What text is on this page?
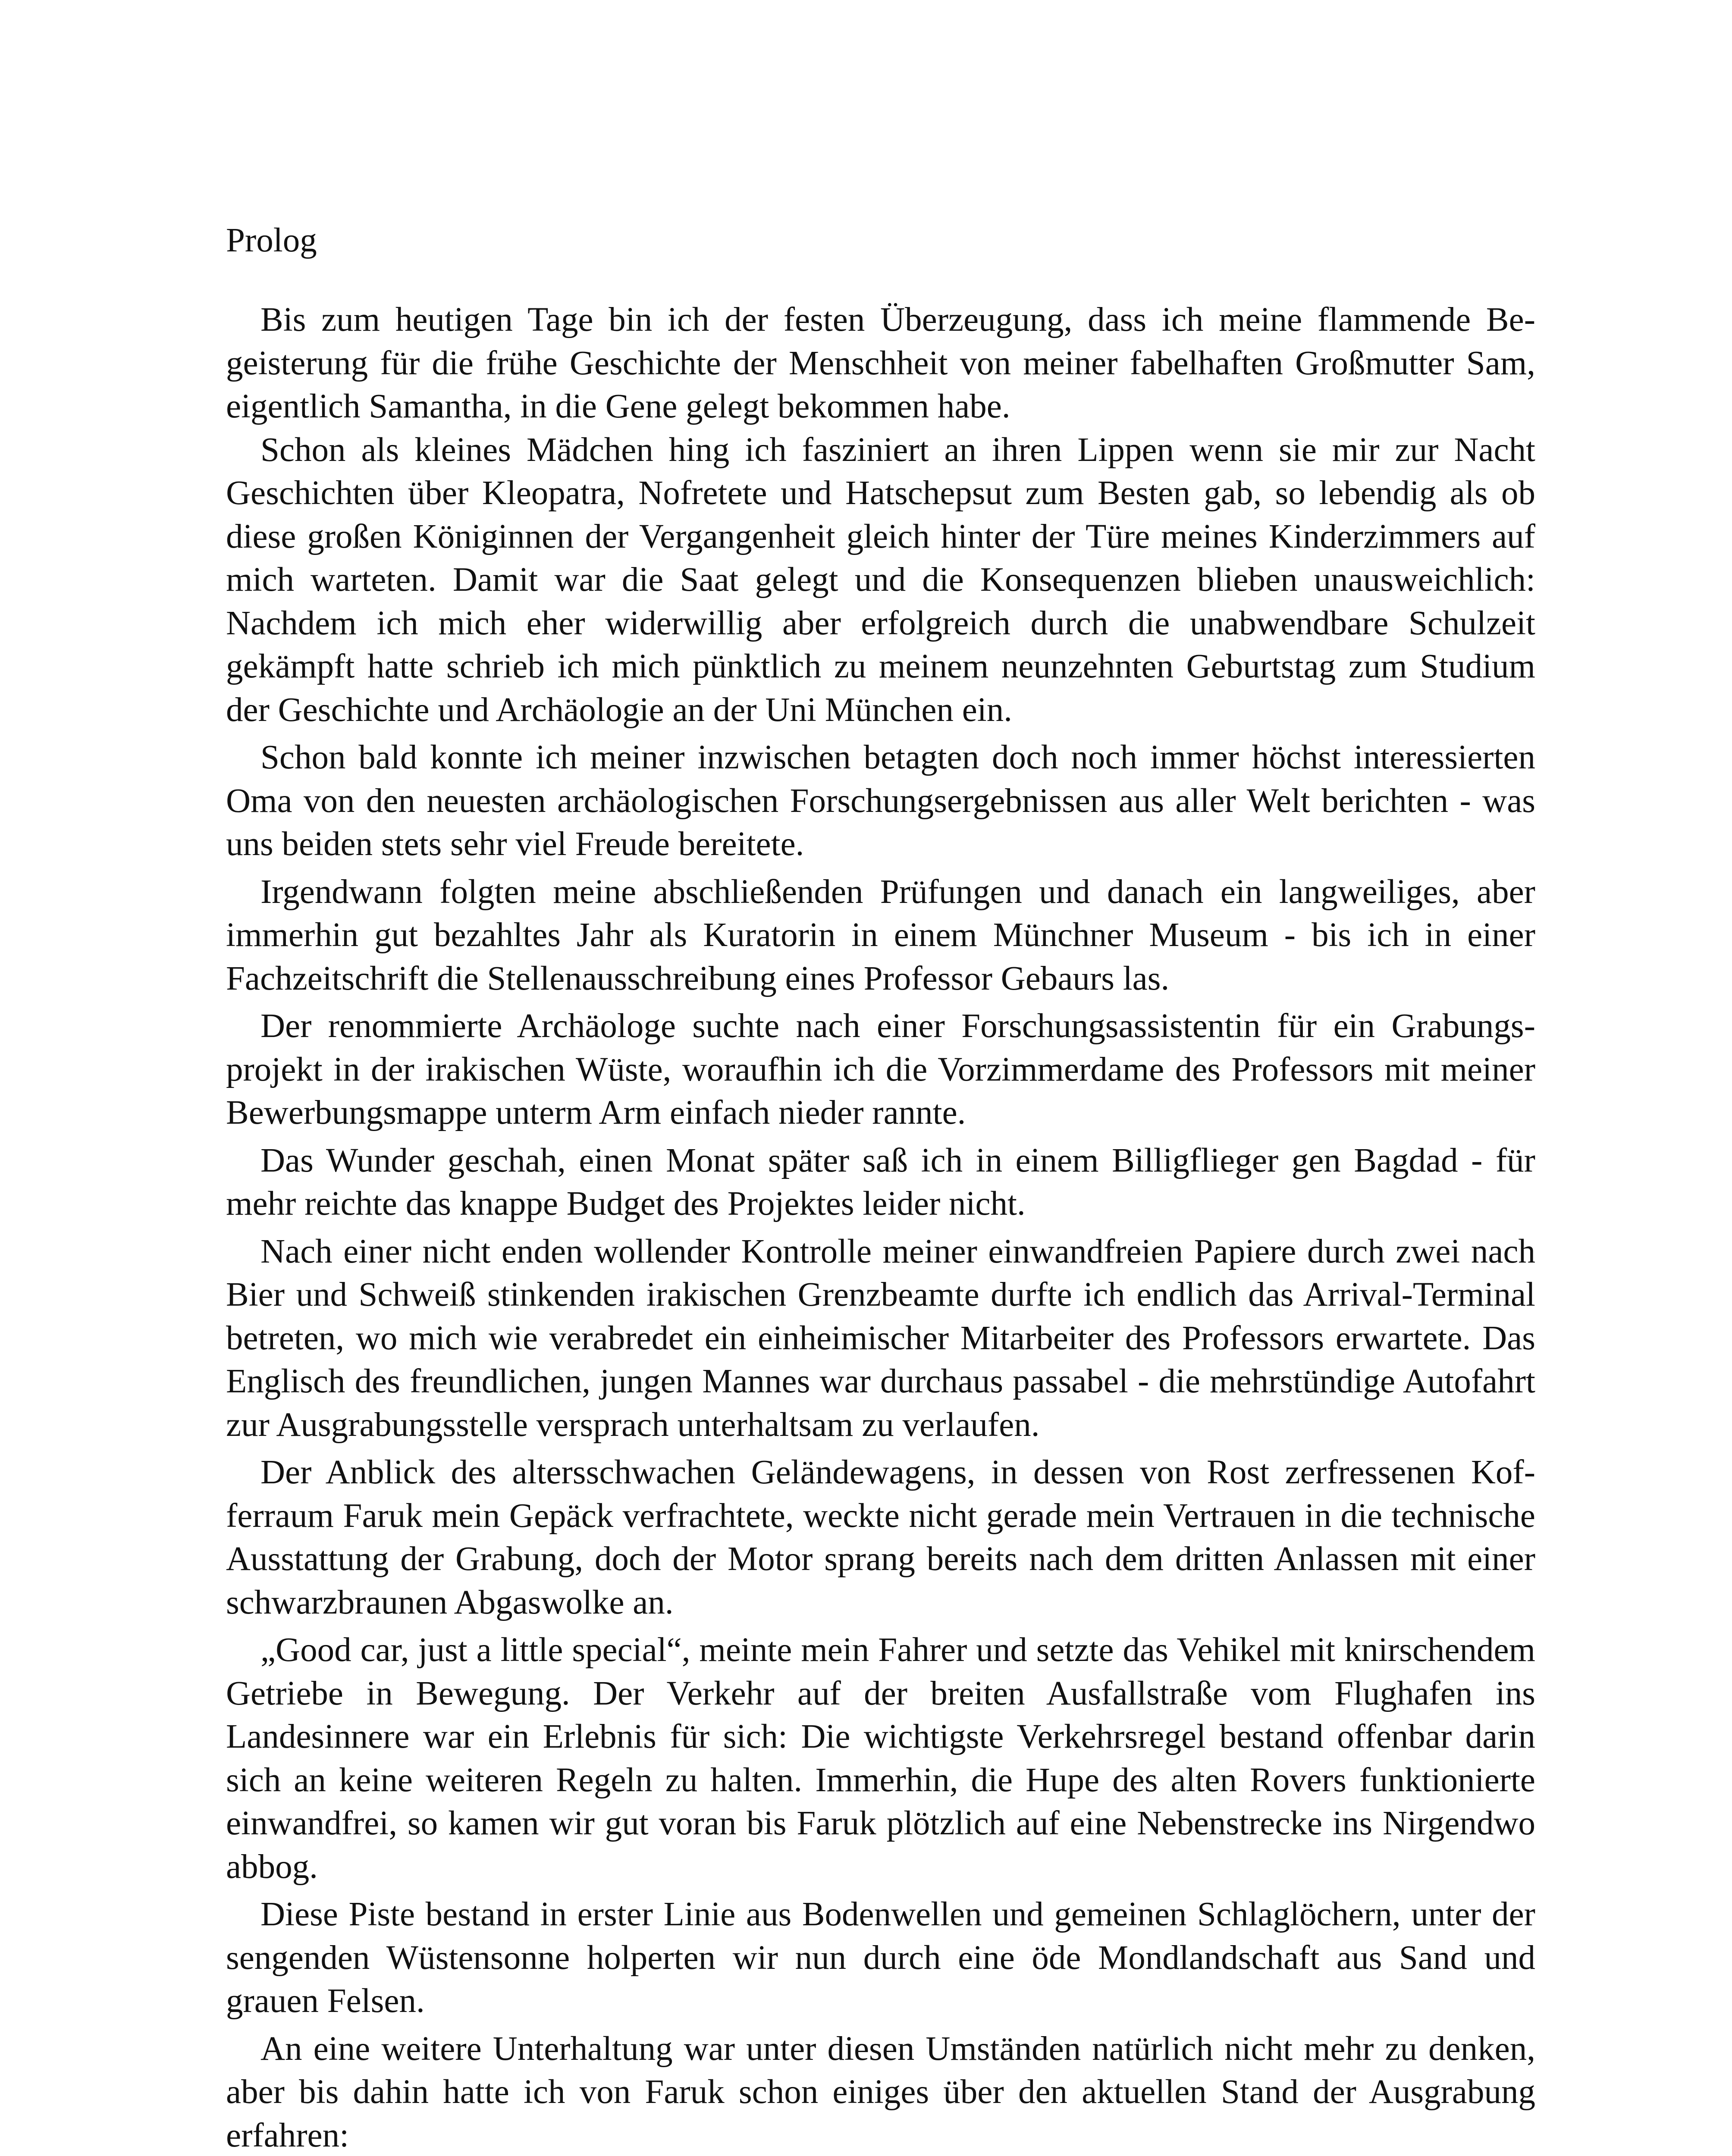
Prolog

Bis zum heutigen Tage bin ich der festen Überzeugung, dass ich meine flammende Begeisterung für die frühe Geschichte der Menschheit von meiner fabelhaften Großmutter Sam, eigentlich Samantha, in die Gene gelegt bekommen habe.

Schon als kleines Mädchen hing ich fasziniert an ihren Lippen wenn sie mir zur Nacht Geschichten über Kleopatra, Nofretete und Hatschepsut zum Besten gab, so lebendig als ob diese großen Königinnen der Vergangenheit gleich hinter der Türe meines Kinderzimmers auf mich warteten. Damit war die Saat gelegt und die Konsequenzen blieben unausweichlich: Nachdem ich mich eher widerwillig aber erfolgreich durch die unabwendbare Schulzeit gekämpft hatte schrieb ich mich pünktlich zu meinem neunzehnten Geburtstag zum Studium der Geschichte und Archäologie an der Uni München ein.

Schon bald konnte ich meiner inzwischen betagten doch noch immer höchst interessierten Oma von den neuesten archäologischen Forschungsergebnissen aus aller Welt berichten - was uns beiden stets sehr viel Freude bereitete.

Irgendwann folgten meine abschließenden Prüfungen und danach ein langweiliges, aber immerhin gut bezahltes Jahr als Kuratorin in einem Münchner Museum - bis ich in einer Fachzeitschrift die Stellenausschreibung eines Professor Gebaurs las.

Der renommierte Archäologe suchte nach einer Forschungsassistentin für ein Grabungsprojekt in der irakischen Wüste, woraufhin ich die Vorzimmerdame des Professors mit meiner Bewerbungsmappe unterm Arm einfach nieder rannte.

Das Wunder geschah, einen Monat später saß ich in einem Billigflieger gen Bagdad - für mehr reichte das knappe Budget des Projektes leider nicht.

Nach einer nicht enden wollender Kontrolle meiner einwandfreien Papiere durch zwei nach Bier und Schweiß stinkenden irakischen Grenzbeamte durfte ich endlich das Arrival-Terminal betreten, wo mich wie verabredet ein einheimischer Mitarbeiter des Professors erwartete. Das Englisch des freundlichen, jungen Mannes war durchaus passabel - die mehrstündige Autofahrt zur Ausgrabungsstelle versprach unterhaltsam zu verlaufen.

Der Anblick des altersschwachen Geländewagens, in dessen von Rost zerfressenen Kofferraum Faruk mein Gepäck verfrachtete, weckte nicht gerade mein Vertrauen in die technische Ausstattung der Grabung, doch der Motor sprang bereits nach dem dritten Anlassen mit einer schwarzbraunen Abgaswolke an.

„Good car, just a little special“, meinte mein Fahrer und setzte das Vehikel mit knirschendem Getriebe in Bewegung. Der Verkehr auf der breiten Ausfallstraße vom Flughafen ins Landesinnere war ein Erlebnis für sich: Die wichtigste Verkehrsregel bestand offenbar darin sich an keine weiteren Regeln zu halten. Immerhin, die Hupe des alten Rovers funktionierte einwandfrei, so kamen wir gut voran bis Faruk plötzlich auf eine Nebenstrecke ins Nirgendwo abbog.

Diese Piste bestand in erster Linie aus Bodenwellen und gemeinen Schlaglöchern, unter der sengenden Wüstensonne holperten wir nun durch eine öde Mondlandschaft aus Sand und grauen Felsen.

An eine weitere Unterhaltung war unter diesen Umständen natürlich nicht mehr zu denken, aber bis dahin hatte ich von Faruk schon einiges über den aktuellen Stand der Ausgrabung erfahren:
